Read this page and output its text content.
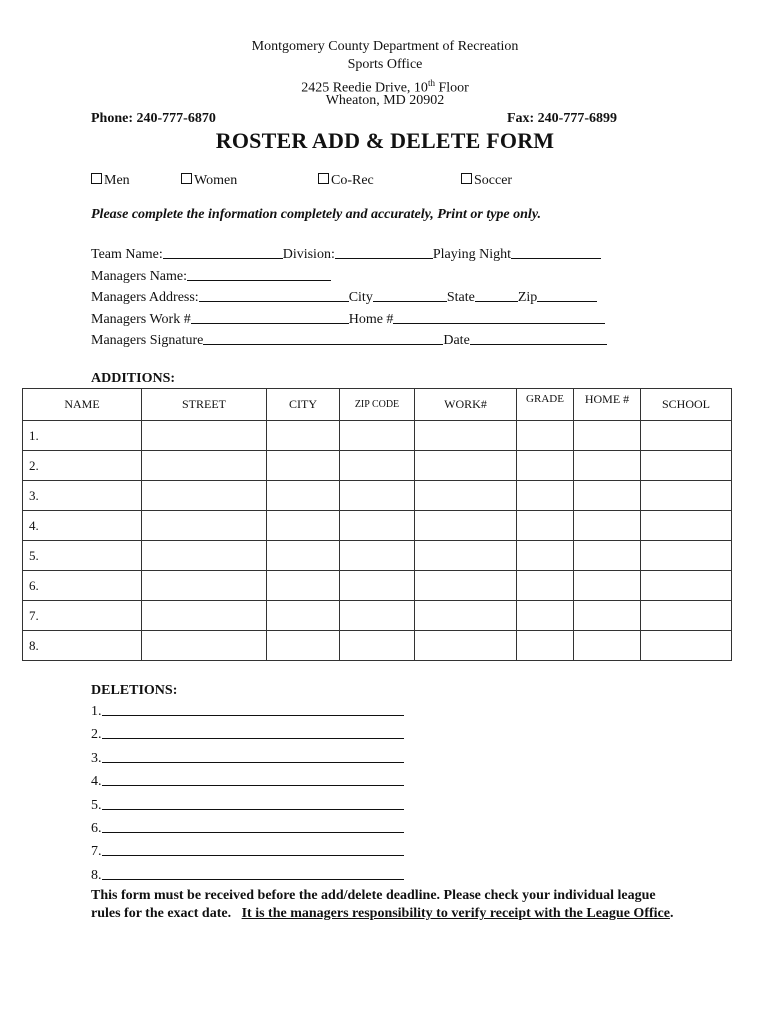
Montgomery County Department of Recreation
Sports Office
2425 Reedie Drive, 10th Floor
Wheaton, MD 20902
Phone: 240-777-6870	Fax: 240-777-6899
ROSTER ADD & DELETE FORM
Men	Women	Co-Rec	Soccer
Please complete the information completely and accurately, Print or type only.
Team Name:	Division:	Playing Night
Managers Name:
Managers Address:	City	State	Zip
Managers Work #	Home #
Managers Signature	Date
ADDITIONS:
NAME	STREET	CITY	ZIP CODE	WORK#	GRADE	HOME #	SCHOOL
1.							
2.							
3.							
4.							
5.							
6.							
7.							
8.							
DELETIONS:
1.
2.
3.
4.
5.
6.
7.
8.
This form must be received before the add/delete deadline. Please check your individual league
rules for the exact date.   It is the managers responsibility to verify receipt with the League Office.
